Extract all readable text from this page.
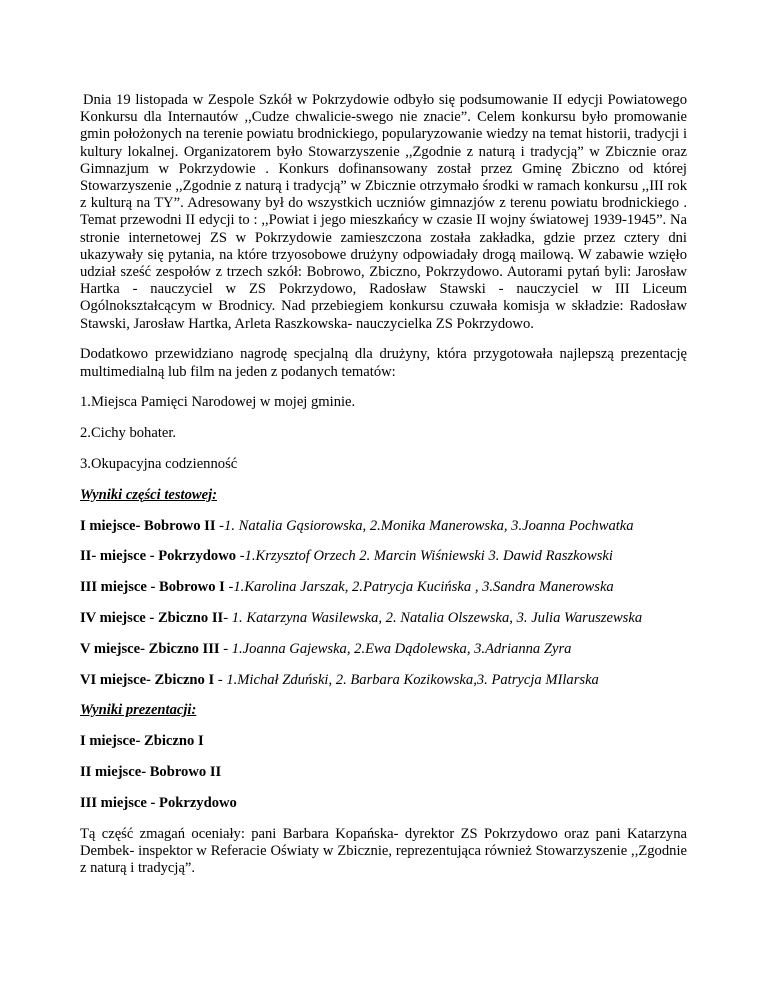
Dnia 19 listopada w Zespole Szkół w Pokrzydowie odbyło się podsumowanie II edycji Powiatowego Konkursu dla Internautów ,,Cudze chwalicie-swego nie znacie”. Celem konkursu było promowanie gmin położonych na terenie powiatu brodnickiego, popularyzowanie wiedzy na temat historii, tradycji i kultury lokalnej. Organizatorem było Stowarzyszenie ,,Zgodnie z naturą i tradycją” w Zbicznie oraz Gimnazjum w Pokrzydowie . Konkurs dofinansowany został przez Gminę Zbiczno od której Stowarzyszenie ,,Zgodnie z naturą i tradycją” w Zbicznie otrzymało środki w ramach konkursu ,,III rok z kulturą na TY”. Adresowany był do wszystkich uczniów gimnazjów z terenu powiatu brodnickiego . Temat przewodni II edycji to : ,,Powiat i jego mieszkańcy w czasie II wojny światowej 1939-1945”. Na stronie internetowej ZS w Pokrzydowie zamieszczona została zakładka, gdzie przez cztery dni ukazywały się pytania, na które trzyosobowe drużyny odpowiadały drogą mailową. W zabawie wzięło udział sześć zespołów z trzech szkół: Bobrowo, Zbiczno, Pokrzydowo. Autorami pytań byli: Jarosław Hartka - nauczyciel w ZS Pokrzydowo, Radosław Stawski - nauczyciel w III Liceum Ogólnokształcącym w Brodnicy. Nad przebiegiem konkursu czuwała komisja w składzie: Radosław Stawski, Jarosław Hartka, Arleta Raszkowska- nauczycielka ZS Pokrzydowo.

Dodatkowo przewidziano nagrodę specjalną dla drużyny, która przygotowała najlepszą prezentację multimedialną lub film na jeden z podanych tematów:

1.Miejsca Pamięci Narodowej w mojej gminie.

2.Cichy bohater.

3.Okupacyjna codzienność

Wyniki części testowej:

I miejsce- Bobrowo II -1. Natalia Gąsiorowska, 2.Monika Manerowska, 3.Joanna Pochwatka

II- miejsce - Pokrzydowo -1.Krzysztof Orzech 2. Marcin Wiśniewski 3. Dawid Raszkowski

III miejsce - Bobrowo I -1.Karolina Jarszak, 2.Patrycja Kucińska , 3.Sandra Manerowska

IV miejsce - Zbiczno II- 1. Katarzyna Wasilewska, 2. Natalia Olszewska, 3. Julia Waruszewska

V miejsce- Zbiczno III - 1.Joanna Gajewska, 2.Ewa Dądolewska, 3.Adrianna Zyra

VI miejsce- Zbiczno I - 1.Michał Zduński, 2. Barbara Kozikowska,3. Patrycja MIlarska

Wyniki prezentacji:

I miejsce- Zbiczno I

II miejsce- Bobrowo II

III miejsce - Pokrzydowo

Tą część zmagań oceniały: pani Barbara Kopańska- dyrektor ZS Pokrzydowo oraz pani Katarzyna Dembek- inspektor w Referacie Oświaty w Zbicznie, reprezentująca również Stowarzyszenie ,,Zgodnie z naturą i tradycją”.
